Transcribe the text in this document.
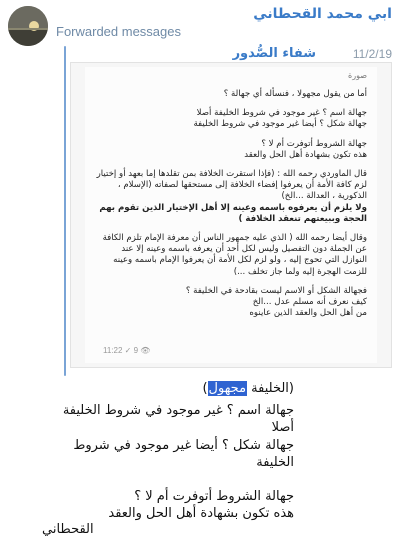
ابي محمد القحطاني
Forwarded messages
شفاء الصُّدور	11/2/19
صورة

أما من يقول مجهولا ، فنسأله أي جهالة ؟

جهالة اسم ؟ غير موجود في شروط الخليفة أصلا
جهالة شكل ؟ أيضا غير موجود في شروط الخليفة

جهالة الشروط أتوفرت أم لا ؟
هذه تكون بشهادة أهل الحل والعقد

قال الماوردي رحمه الله : (فإذا استقرت الخلافة بمن تقلدها إما بعهد أو إختيار لزم كافة الأمة أن يعرفوا إفضاء الخلافة إلى مستحقها لصفاته (الإسلام ، الذكورية ، العدالة ...الخ)

ولا يلزم أن يعرفوه باسمه وعينه إلا أهل الإختيار الذين تقوم بهم الحجة وببيعتهم تنعقد الخلافة )

وقال أيضا رحمه الله ( الذي عليه جمهور الناس أن معرفة الإمام تلزم الكافة عن الجملة دون التفصيل وليس لكل أحد أن يعرفه باسمه وعينه إلا عند النوازل التي تحوج إليه ، ولو لزم لكل الأمة أن يعرفوا الإمام باسمه وعينه للزمت الهجرة إليه ولما جاز تخلف ...)

فجهالة الشكل أو الاسم ليست بقادحة في الخليفة ؟
كيف نعرف أنه مسلم عدل ...الخ
من أهل الحل والعقد الذين عاينوه

11:22 ✓ 9 👁

(الخليفة مجهول)

جهالة اسم ؟ غير موجود في شروط الخليفة أصلا

جهالة شكل ؟ أيضا غير موجود في شروط الخليفة

جهالة الشروط أتوفرت أم لا ؟

هذه تكون بشهادة أهل الحل والعقد

القحطاني
